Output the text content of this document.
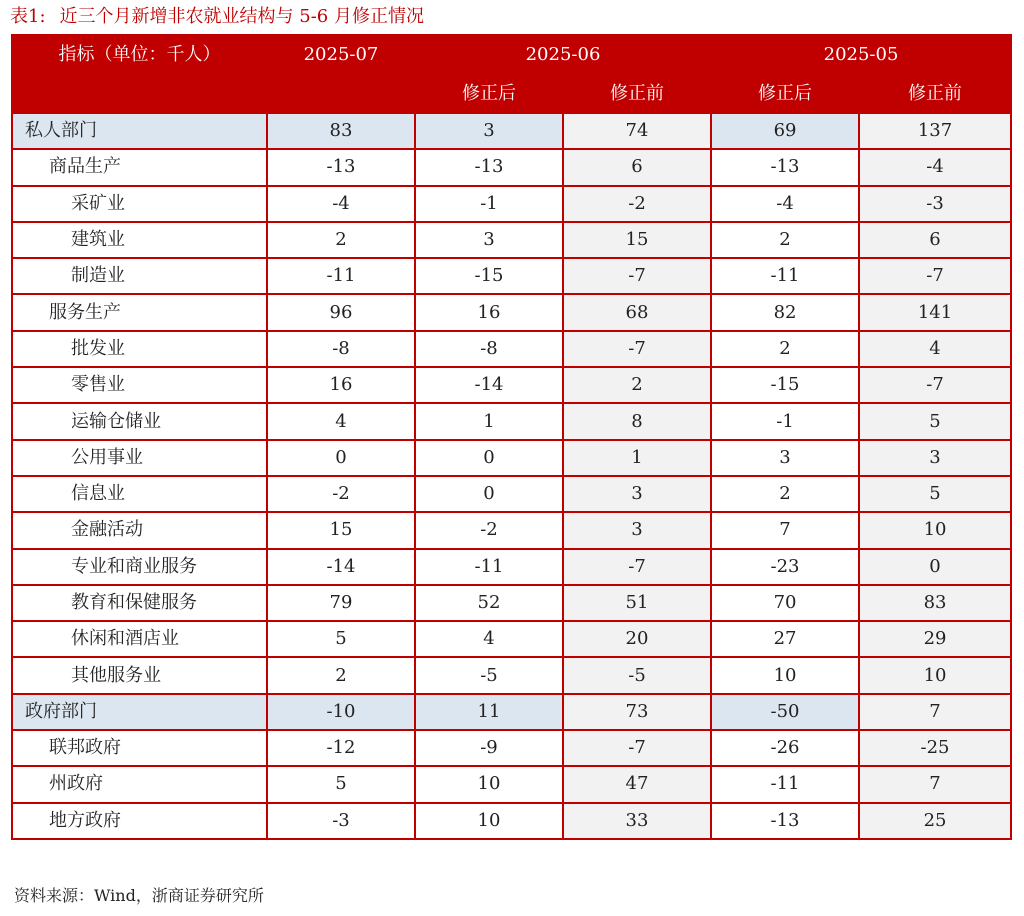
表1: 近三个月新增非农就业结构与 5-6 月修正情况
指标（单位：千人）	2025-07	2025-06		2025-05	
		修正后	修正前	修正后	修正前
私人部门	83	3	74	69	137
商品生产	-13	-13	6	-13	-4
采矿业	-4	-1	-2	-4	-3
建筑业	2	3	15	2	6
制造业	-11	-15	-7	-11	-7
服务生产	96	16	68	82	141
批发业	-8	-8	-7	2	4
零售业	16	-14	2	-15	-7
运输仓储业	4	1	8	-1	5
公用事业	0	0	1	3	3
信息业	-2	0	3	2	5
金融活动	15	-2	3	7	10
专业和商业服务	-14	-11	-7	-23	0
教育和保健服务	79	52	51	70	83
休闲和酒店业	5	4	20	27	29
其他服务业	2	-5	-5	10	10
政府部门	-10	11	73	-50	7
联邦政府	-12	-9	-7	-26	-25
州政府	5	10	47	-11	7
地方政府	-3	10	33	-13	25
资料来源：Wind，浙商证券研究所
